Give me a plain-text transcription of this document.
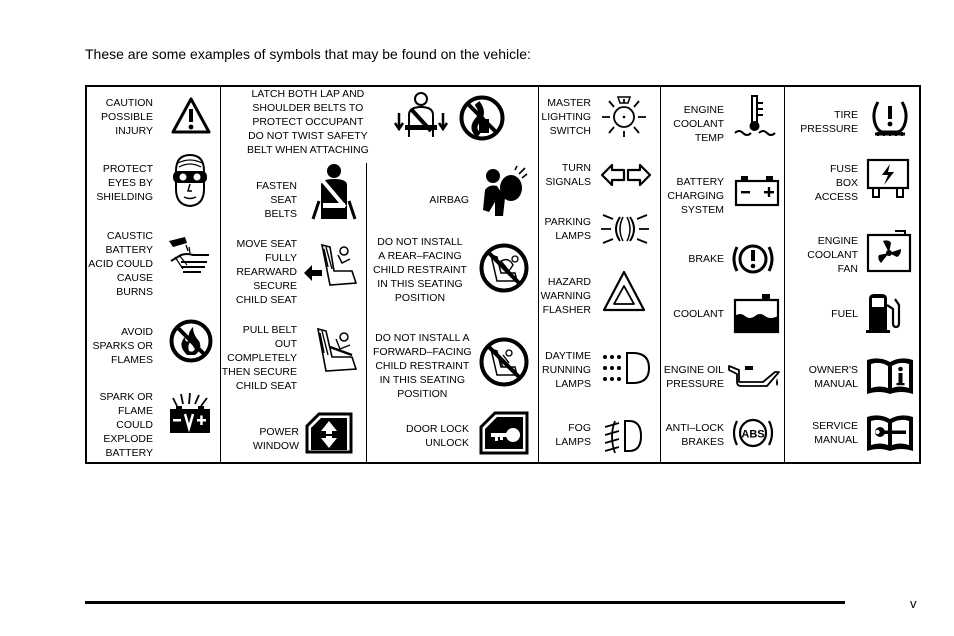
These are some examples of symbols that may be found on the vehicle:

CAUTION
POSSIBLE
INJURY

PROTECT
EYES BY
SHIELDING

CAUSTIC
BATTERY
ACID COULD
CAUSE
BURNS

AVOID
SPARKS OR
FLAMES

SPARK OR
FLAME
COULD
EXPLODE
BATTERY

LATCH BOTH LAP AND
SHOULDER BELTS TO
PROTECT OCCUPANT
DO NOT TWIST SAFETY
BELT WHEN ATTACHING

FASTEN
SEAT
BELTS

MOVE SEAT
FULLY
REARWARD
SECURE
CHILD SEAT

PULL BELT
OUT
COMPLETELY
THEN SECURE
CHILD SEAT

POWER
WINDOW

AIRBAG

DO NOT INSTALL
A REAR–FACING
CHILD RESTRAINT
IN THIS SEATING
POSITION

DO NOT INSTALL A
FORWARD–FACING
CHILD RESTRAINT
IN THIS SEATING
POSITION

DOOR LOCK
UNLOCK

MASTER
LIGHTING
SWITCH

TURN
SIGNALS

PARKING
LAMPS

HAZARD
WARNING
FLASHER

DAYTIME
RUNNING
LAMPS

FOG
LAMPS

ENGINE
COOLANT
TEMP

BATTERY
CHARGING
SYSTEM

BRAKE

COOLANT

ENGINE OIL
PRESSURE

ANTI–LOCK
BRAKES

ABS

TIRE
PRESSURE

FUSE
BOX
ACCESS

ENGINE
COOLANT
FAN

FUEL

OWNER'S
MANUAL

SERVICE
MANUAL

v
